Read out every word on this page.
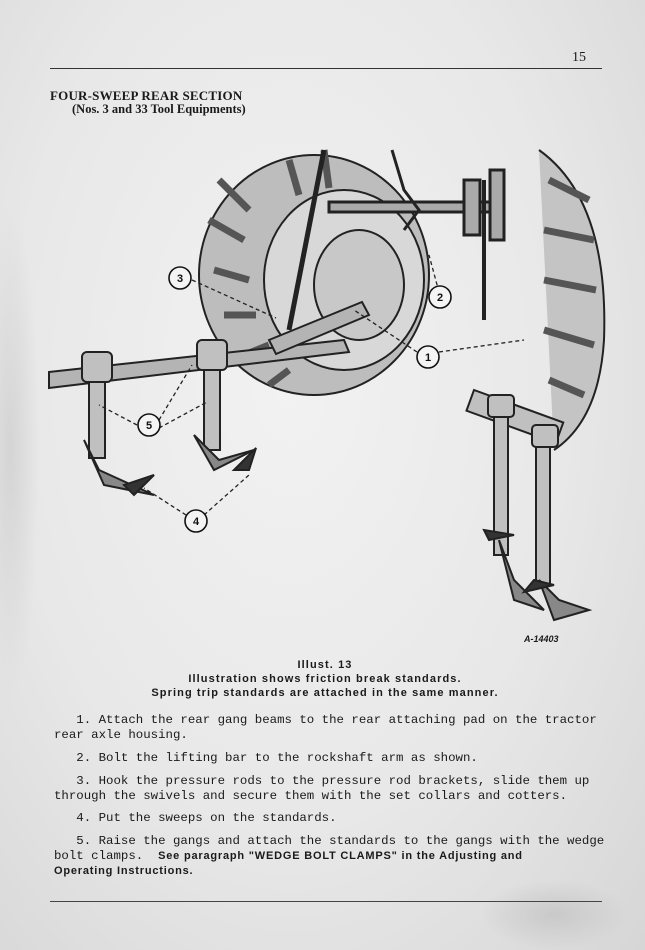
15
FOUR-SWEEP REAR SECTION
(Nos. 3 and 33 Tool Equipments)
1
2
3
4
5
A-14403
Illust. 13
Illustration shows friction break standards.
Spring trip standards are attached in the same manner.
1. Attach the rear gang beams to the rear attaching pad on the tractor
rear axle housing.
2. Bolt the lifting bar to the rockshaft arm as shown.
3. Hook the pressure rods to the pressure rod brackets, slide them up
through the swivels and secure them with the set collars and cotters.
4. Put the sweeps on the standards.
5. Raise the gangs and attach the standards to the gangs with the wedge
bolt clamps.  See paragraph "WEDGE BOLT CLAMPS" in the Adjusting and
Operating Instructions.
